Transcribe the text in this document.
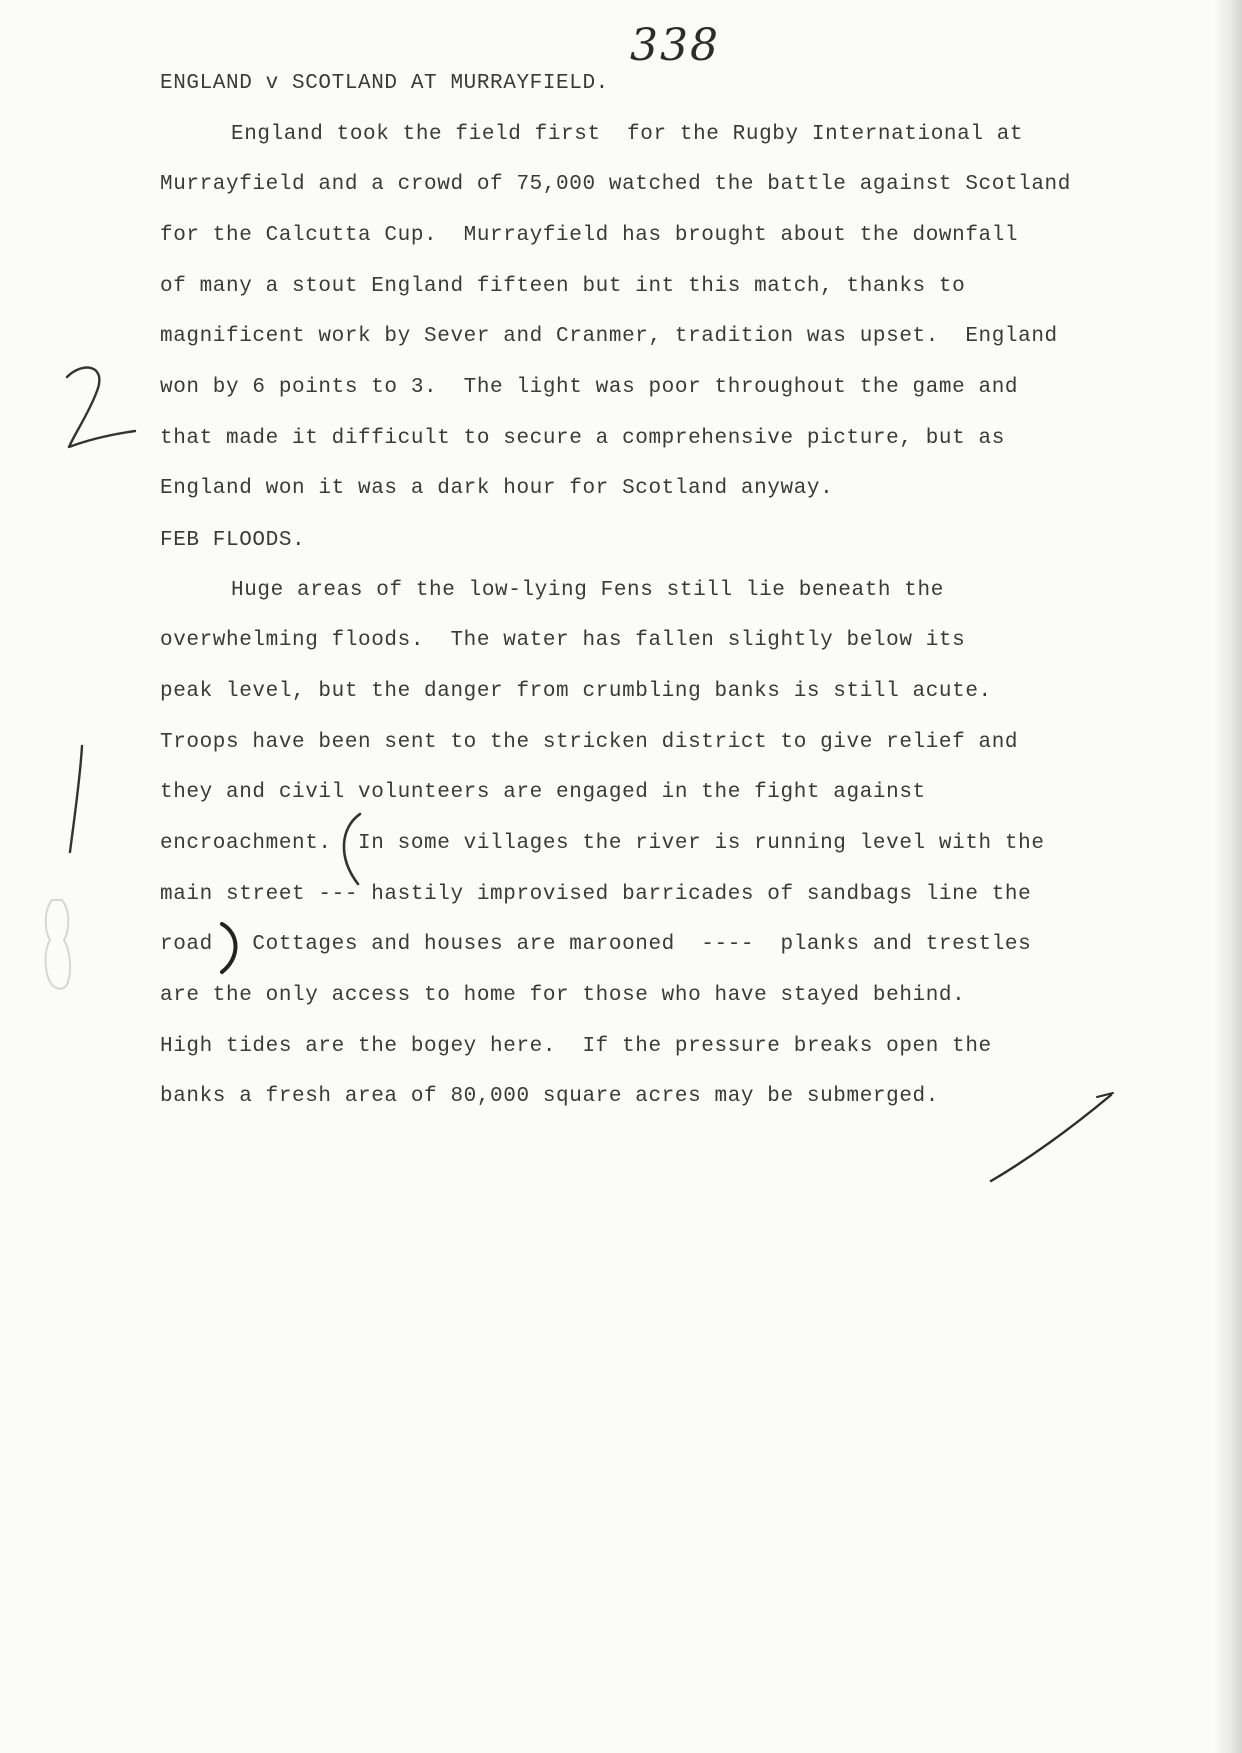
338
ENGLAND v SCOTLAND AT MURRAYFIELD.
England took the field first  for the Rugby International at
Murrayfield and a crowd of 75,000 watched the battle against Scotland
for the Calcutta Cup.  Murrayfield has brought about the downfall
of many a stout England fifteen but int this match, thanks to
magnificent work by Sever and Cranmer, tradition was upset.  England
won by 6 points to 3.  The light was poor throughout the game and
that made it difficult to secure a comprehensive picture, but as
England won it was a dark hour for Scotland anyway.
FEB FLOODS.
Huge areas of the low-lying Fens still lie beneath the
overwhelming floods.  The water has fallen slightly below its
peak level, but the danger from crumbling banks is still acute.
Troops have been sent to the stricken district to give relief and
they and civil volunteers are engaged in the fight against
encroachment.  In some villages the river is running level with the
main street --- hastily improvised barricades of sandbags line the
road   Cottages and houses are marooned  ----  planks and trestles
are the only access to home for those who have stayed behind.
High tides are the bogey here.  If the pressure breaks open the
banks a fresh area of 80,000 square acres may be submerged.
